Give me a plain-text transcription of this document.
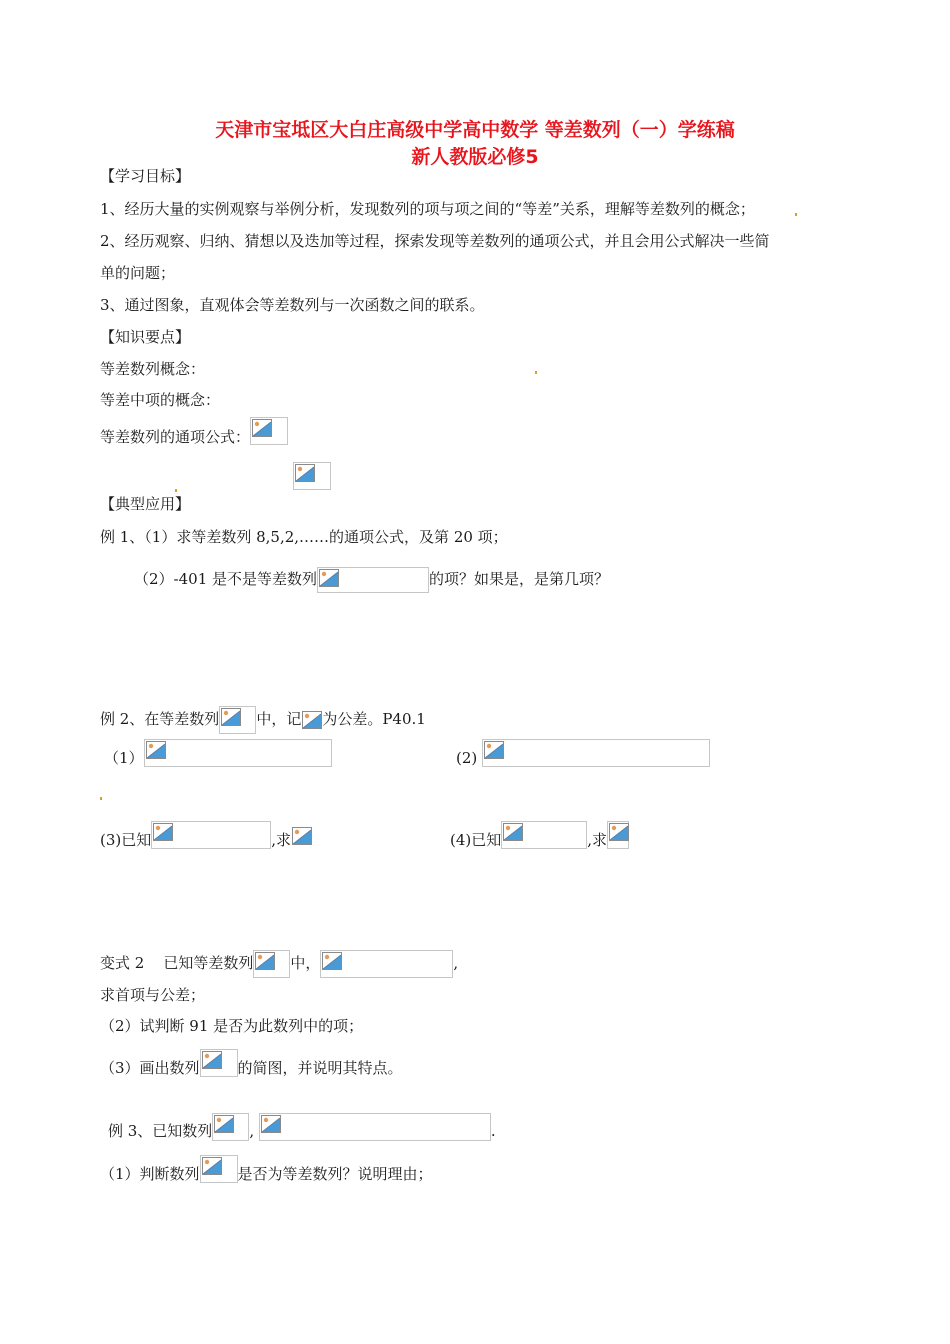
天津市宝坻区大白庄高级中学高中数学 等差数列（一）学练稿
新人教版必修5
【学习目标】
1、经历大量的实例观察与举例分析，发现数列的项与项之间的“等差”关系，理解等差数列的概念；
2、经历观察、归纳、猜想以及迭加等过程，探索发现等差数列的通项公式，并且会用公式解决一些简
单的问题；
3、通过图象，直观体会等差数列与一次函数之间的联系。
【知识要点】
等差数列概念：
等差中项的概念：
等差数列的通项公式：
【典型应用】
例 1、（1）求等差数列 8,5,2,……的通项公式，及第 20 项；
（2）-401 是不是等差数列	的项？如果是，是第几项？
例 2、在等差数列 中，记 为公差。P40.1
（1）	(2)
(3)已知	,求	(4)已知	,求
变式 2    已知等差数列 中，	,
求首项与公差；
（2）试判断 91 是否为此数列中的项；
（3）画出数列	的简图，并说明其特点。
例 3、已知数列 ,	.
（1）判断数列	是否为等差数列？说明理由；
